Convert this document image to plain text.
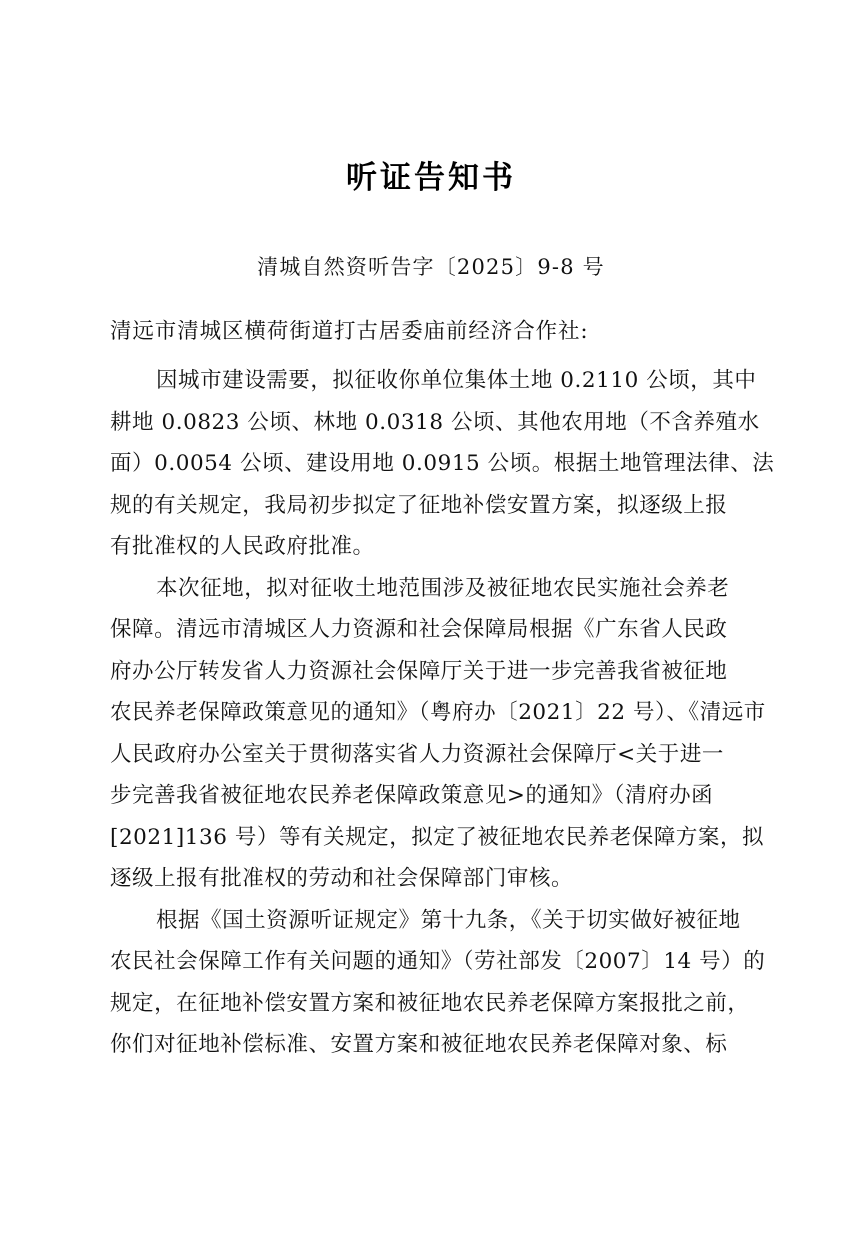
听证告知书
清城自然资听告字〔2025〕9-8 号
清远市清城区横荷街道打古居委庙前经济合作社:

因城市建设需要，拟征收你单位集体土地 0.2110 公顷，其中
耕地 0.0823 公顷、林地 0.0318 公顷、其他农用地（不含养殖水
面）0.0054 公顷、建设用地 0.0915 公顷。根据土地管理法律、法
规的有关规定，我局初步拟定了征地补偿安置方案，拟逐级上报
有批准权的人民政府批准。

本次征地，拟对征收土地范围涉及被征地农民实施社会养老
保障。清远市清城区人力资源和社会保障局根据《广东省人民政
府办公厅转发省人力资源社会保障厅关于进一步完善我省被征地
农民养老保障政策意见的通知》（粤府办〔2021〕22 号）、《清远市
人民政府办公室关于贯彻落实省人力资源社会保障厅<关于进一
步完善我省被征地农民养老保障政策意见>的通知》（清府办函
[2021]136 号）等有关规定，拟定了被征地农民养老保障方案，拟
逐级上报有批准权的劳动和社会保障部门审核。

根据《国土资源听证规定》第十九条，《关于切实做好被征地
农民社会保障工作有关问题的通知》（劳社部发〔2007〕14 号）的
规定，在征地补偿安置方案和被征地农民养老保障方案报批之前，
你们对征地补偿标准、安置方案和被征地农民养老保障对象、标
